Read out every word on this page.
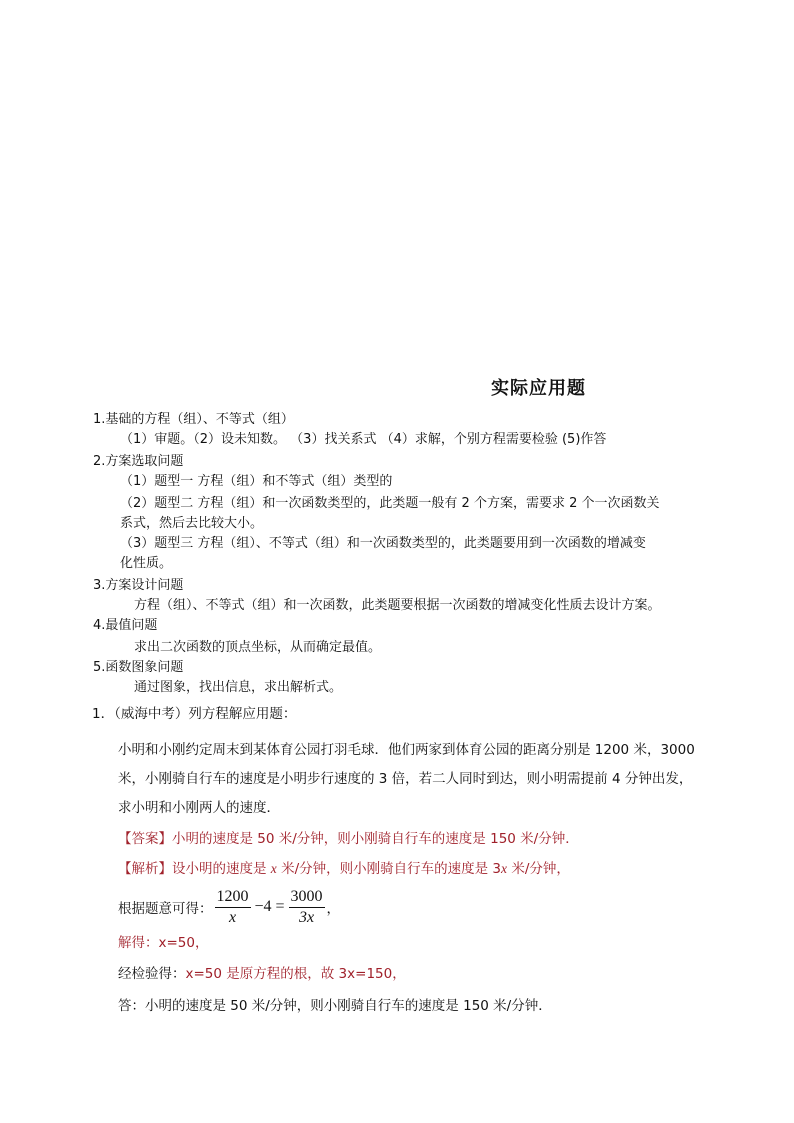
实际应用题
1.基础的方程（组）、不等式（组）
（1）审题。（2）设未知数。 （3）找关系式 （4）求解，个别方程需要检验 (5)作答
2.方案选取问题
（1）题型一 方程（组）和不等式（组）类型的
（2）题型二 方程（组）和一次函数类型的，此类题一般有 2 个方案，需要求 2 个一次函数关
系式，然后去比较大小。
（3）题型三 方程（组）、不等式（组）和一次函数类型的，此类题要用到一次函数的增减变
化性质。
3.方案设计问题
方程（组）、不等式（组）和一次函数，此类题要根据一次函数的增减变化性质去设计方案。
4.最值问题
求出二次函数的顶点坐标，从而确定最值。
5.函数图象问题
通过图象，找出信息，求出解析式。
1．（威海中考）列方程解应用题：
小明和小刚约定周末到某体育公园打羽毛球．他们两家到体育公园的距离分别是 1200 米，3000
米，小刚骑自行车的速度是小明步行速度的 3 倍，若二人同时到达，则小明需提前 4 分钟出发，
求小明和小刚两人的速度．
【答案】小明的速度是 50 米/分钟，则小刚骑自行车的速度是 150 米/分钟．
【解析】设小明的速度是 x 米/分钟，则小刚骑自行车的速度是 3x 米/分钟，
根据题意可得： $\frac{1200}{x} -4 = \frac{3000}{3x}$ ，
解得：x=50，
经检验得：x=50 是原方程的根，故 3x=150，
答：小明的速度是 50 米/分钟，则小刚骑自行车的速度是 150 米/分钟．
